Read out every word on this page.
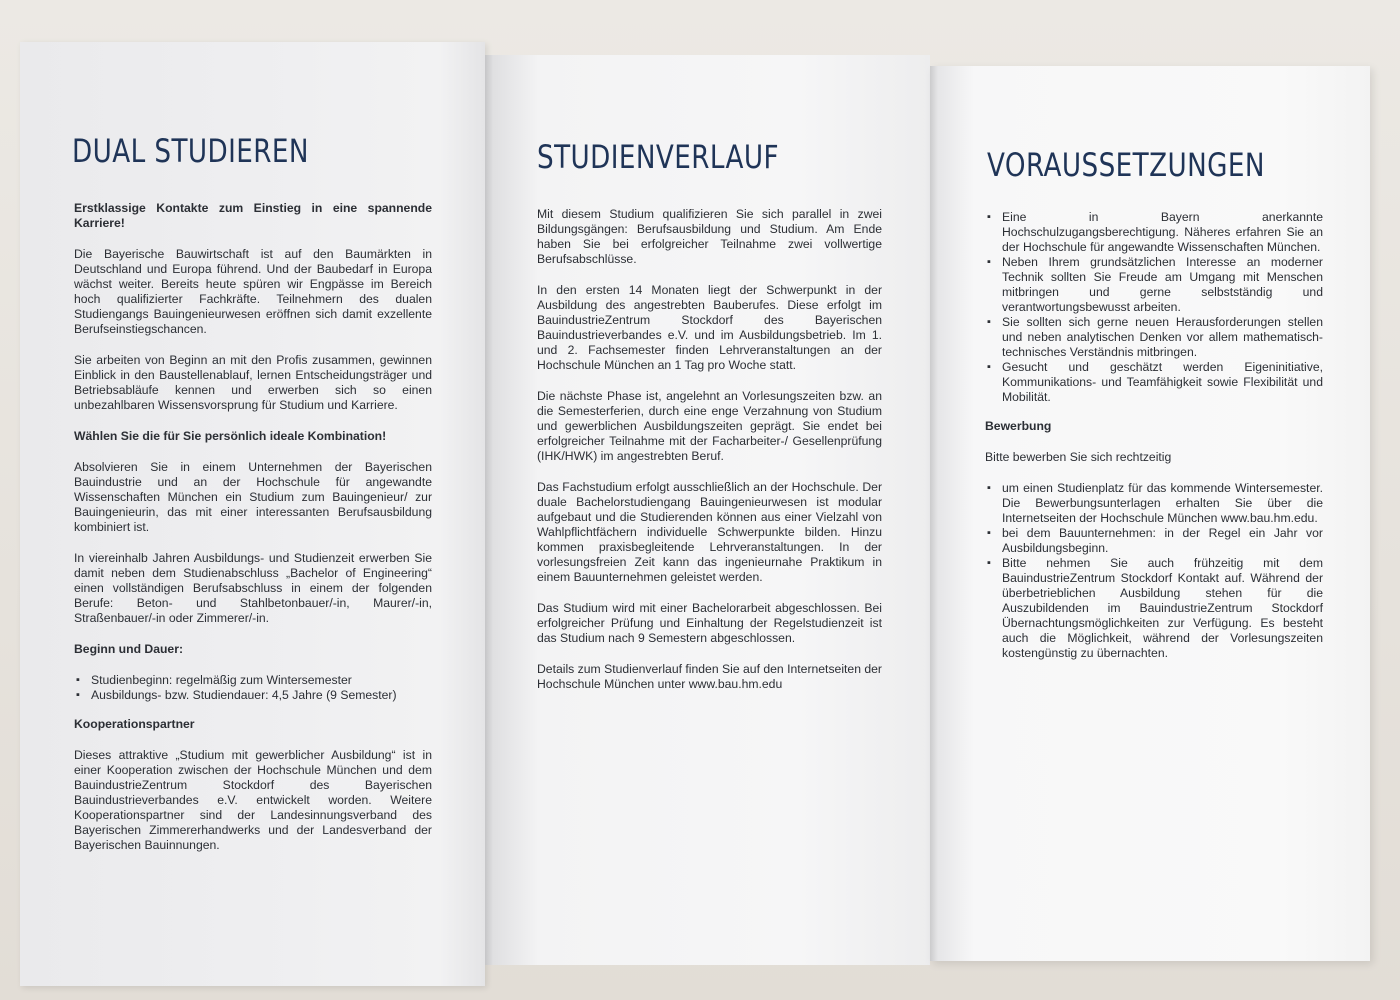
DUAL STUDIEREN

Erstklassige Kontakte zum Einstieg in eine spannende Karriere!

Die Bayerische Bauwirtschaft ist auf den Baumärkten in Deutschland und Europa führend. Und der Baubedarf in Europa wächst weiter. Bereits heute spüren wir Engpässe im Bereich hoch qualifizierter Fachkräfte. Teilnehmern des dualen Studiengangs Bauingenieurwesen eröffnen sich damit exzellente Berufseinstiegschancen.

Sie arbeiten von Beginn an mit den Profis zusammen, gewinnen Einblick in den Baustellenablauf, lernen Entscheidungsträger und Betriebsabläufe kennen und erwerben sich so einen unbezahlbaren Wissensvorsprung für Studium und Karriere.

Wählen Sie die für Sie persönlich ideale Kombination!

Absolvieren Sie in einem Unternehmen der Bayerischen Bauindustrie und an der Hochschule für angewandte Wissenschaften München ein Studium zum Bauingenieur/ zur Bauingenieurin, das mit einer interessanten Berufsausbildung kombiniert ist.

In viereinhalb Jahren Ausbildungs- und Studienzeit erwerben Sie damit neben dem Studienabschluss „Bachelor of Engineering“ einen vollständigen Berufsabschluss in einem der folgenden Berufe: Beton- und Stahlbetonbauer/-in, Maurer/-in, Straßenbauer/-in oder Zimmerer/-in.

Beginn und Dauer:
▪ Studienbeginn: regelmäßig zum Wintersemester
▪ Ausbildungs- bzw. Studiendauer: 4,5 Jahre (9 Semester)
Kooperationspartner

Dieses attraktive „Studium mit gewerblicher Ausbildung“ ist in einer Kooperation zwischen der Hochschule München und dem BauindustrieZentrum Stockdorf des Bayerischen Bauindustrieverbandes e.V. entwickelt worden. Weitere Kooperationspartner sind der Landesinnungsverband des Bayerischen Zimmererhandwerks und der Landesverband der Bayerischen Bauinnungen.

STUDIENVERLAUF

Mit diesem Studium qualifizieren Sie sich parallel in zwei Bildungsgängen: Berufsausbildung und Studium. Am Ende haben Sie bei erfolgreicher Teilnahme zwei vollwertige Berufsabschlüsse.

In den ersten 14 Monaten liegt der Schwerpunkt in der Ausbildung des angestrebten Bauberufes. Diese erfolgt im BauindustrieZentrum Stockdorf des Bayerischen Bauindustrieverbandes e.V. und im Ausbildungsbetrieb. Im 1. und 2. Fachsemester finden Lehrveranstaltungen an der Hochschule München an 1 Tag pro Woche statt.

Die nächste Phase ist, angelehnt an Vorlesungszeiten bzw. an die Semesterferien, durch eine enge Verzahnung von Studium und gewerblichen Ausbildungszeiten geprägt. Sie endet bei erfolgreicher Teilnahme mit der Facharbeiter-/ Gesellenprüfung (IHK/HWK) im angestrebten Beruf.

Das Fachstudium erfolgt ausschließlich an der Hochschule. Der duale Bachelorstudiengang Bauingenieurwesen ist modular aufgebaut und die Studierenden können aus einer Vielzahl von Wahlpflichtfächern individuelle Schwerpunkte bilden. Hinzu kommen praxisbegleitende Lehrveranstaltungen. In der vorlesungsfreien Zeit kann das ingenieurnahe Praktikum in einem Bauunternehmen geleistet werden.

Das Studium wird mit einer Bachelorarbeit abgeschlossen. Bei erfolgreicher Prüfung und Einhaltung der Regelstudienzeit ist das Studium nach 9 Semestern abgeschlossen.

Details zum Studienverlauf finden Sie auf den Internetseiten der Hochschule München unter www.bau.hm.edu

VORAUSSETZUNGEN
▪ Eine in Bayern anerkannte Hochschulzugangsberechtigung. Näheres erfahren Sie an der Hochschule für angewandte Wissenschaften München.
▪ Neben Ihrem grundsätzlichen Interesse an moderner Technik sollten Sie Freude am Umgang mit Menschen mitbringen und gerne selbstständig und verantwortungsbewusst arbeiten.
▪ Sie sollten sich gerne neuen Herausforderungen stellen und neben analytischen Denken vor allem mathematisch-technisches Verständnis mitbringen.
▪ Gesucht und geschätzt werden Eigeninitiative, Kommunikations- und Teamfähigkeit sowie Flexibilität und Mobilität.
Bewerbung

Bitte bewerben Sie sich rechtzeitig

▪ um einen Studienplatz für das kommende Wintersemester. Die Bewerbungsunterlagen erhalten Sie über die Internetseiten der Hochschule München www.bau.hm.edu.
▪ bei dem Bauunternehmen: in der Regel ein Jahr vor Ausbildungsbeginn.
▪ Bitte nehmen Sie auch frühzeitig mit dem BauindustrieZentrum Stockdorf Kontakt auf. Während der überbetrieblichen Ausbildung stehen für die Auszubildenden im BauindustrieZentrum Stockdorf Übernachtungsmöglichkeiten zur Verfügung. Es besteht auch die Möglichkeit, während der Vorlesungszeiten kostengünstig zu übernachten.
